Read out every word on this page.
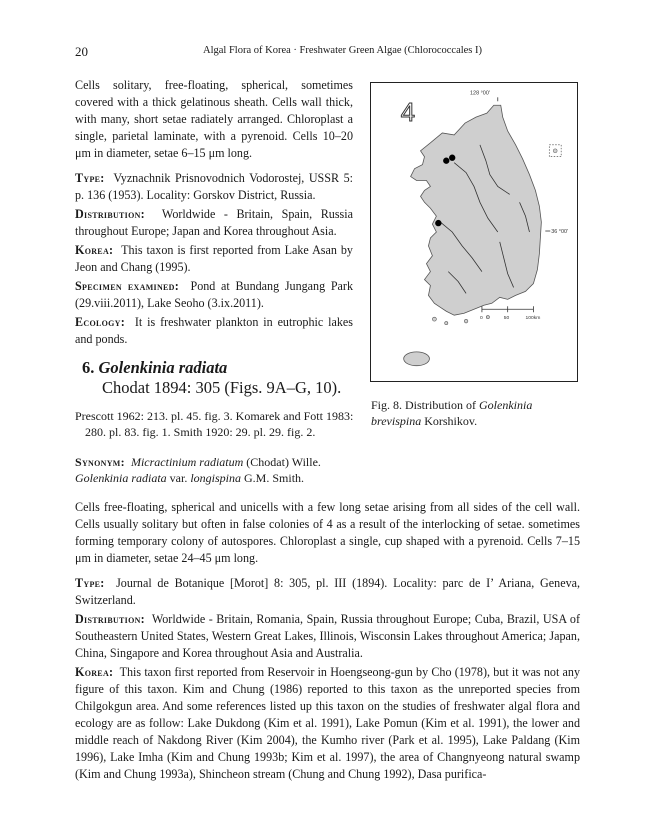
20	Algal Flora of Korea · Freshwater Green Algae (Chlorococcales I)

Cells solitary, free-floating, spherical, sometimes covered with a thick gelatinous sheath. Cells wall thick, with many, short setae radiately arranged. Chloroplast a single, parietal laminate, with a pyrenoid. Cells 10–20 μm in diameter, setae 6–15 μm long.

Type: Vyznachnik Prisnovodnich Vodorostej, USSR 5: p. 136 (1953). Locality: Gorskov District, Russia.

Distribution: Worldwide - Britain, Spain, Russia throughout Europe; Japan and Korea throughout Asia.

Korea: This taxon is first reported from Lake Asan by Jeon and Chang (1995).

Specimen examined: Pond at Bundang Jungang Park (29.viii.2011), Lake Seoho (3.ix.2011).

Ecology: It is freshwater plankton in eutrophic lakes and ponds.

4
128 °00'
36 °00'
0	50	100km
Fig. 8. Distribution of Golenkinia brevispina Korshikov.
6. Golenkinia radiata
Chodat 1894: 305 (Figs. 9A–G, 10).

Prescott 1962: 213. pl. 45. fig. 3. Komarek and Fott 1983: 280. pl. 83. fig. 1. Smith 1920: 29. pl. 29. fig. 2.

Synonym: Micractinium radiatum (Chodat) Wille.
Golenkinia radiata var. longispina G.M. Smith.

Cells free-floating, spherical and unicells with a few long setae arising from all sides of the cell wall. Cells usually solitary but often in false colonies of 4 as a result of the interlocking of setae. sometimes forming temporary colony of autospores. Chloroplast a single, cup shaped with a pyrenoid. Cells 7–15 μm in diameter, setae 24–45 μm long.

Type: Journal de Botanique [Morot] 8: 305, pl. III (1894). Locality: parc de I’ Ariana, Geneva, Switzerland.

Distribution: Worldwide - Britain, Romania, Spain, Russia throughout Europe; Cuba, Brazil, USA of Southeastern United States, Western Great Lakes, Illinois, Wisconsin Lakes throughout America; Japan, China, Singapore and Korea throughout Asia and Australia.

Korea: This taxon first reported from Reservoir in Hoengseong-gun by Cho (1978), but it was not any figure of this taxon. Kim and Chung (1986) reported to this taxon as the unreported species from Chilgokgun area. And some references listed up this taxon on the studies of freshwater algal flora and ecology are as follow: Lake Dukdong (Kim et al. 1991), Lake Pomun (Kim et al. 1991), the lower and middle reach of Nakdong River (Kim 2004), the Kumho river (Park et al. 1995), Lake Paldang (Kim 1996), Lake Imha (Kim and Chung 1993b; Kim et al. 1997), the area of Changnyeong natural swamp (Kim and Chung 1993a), Shincheon stream (Chung and Chung 1992), Dasa purifica-
